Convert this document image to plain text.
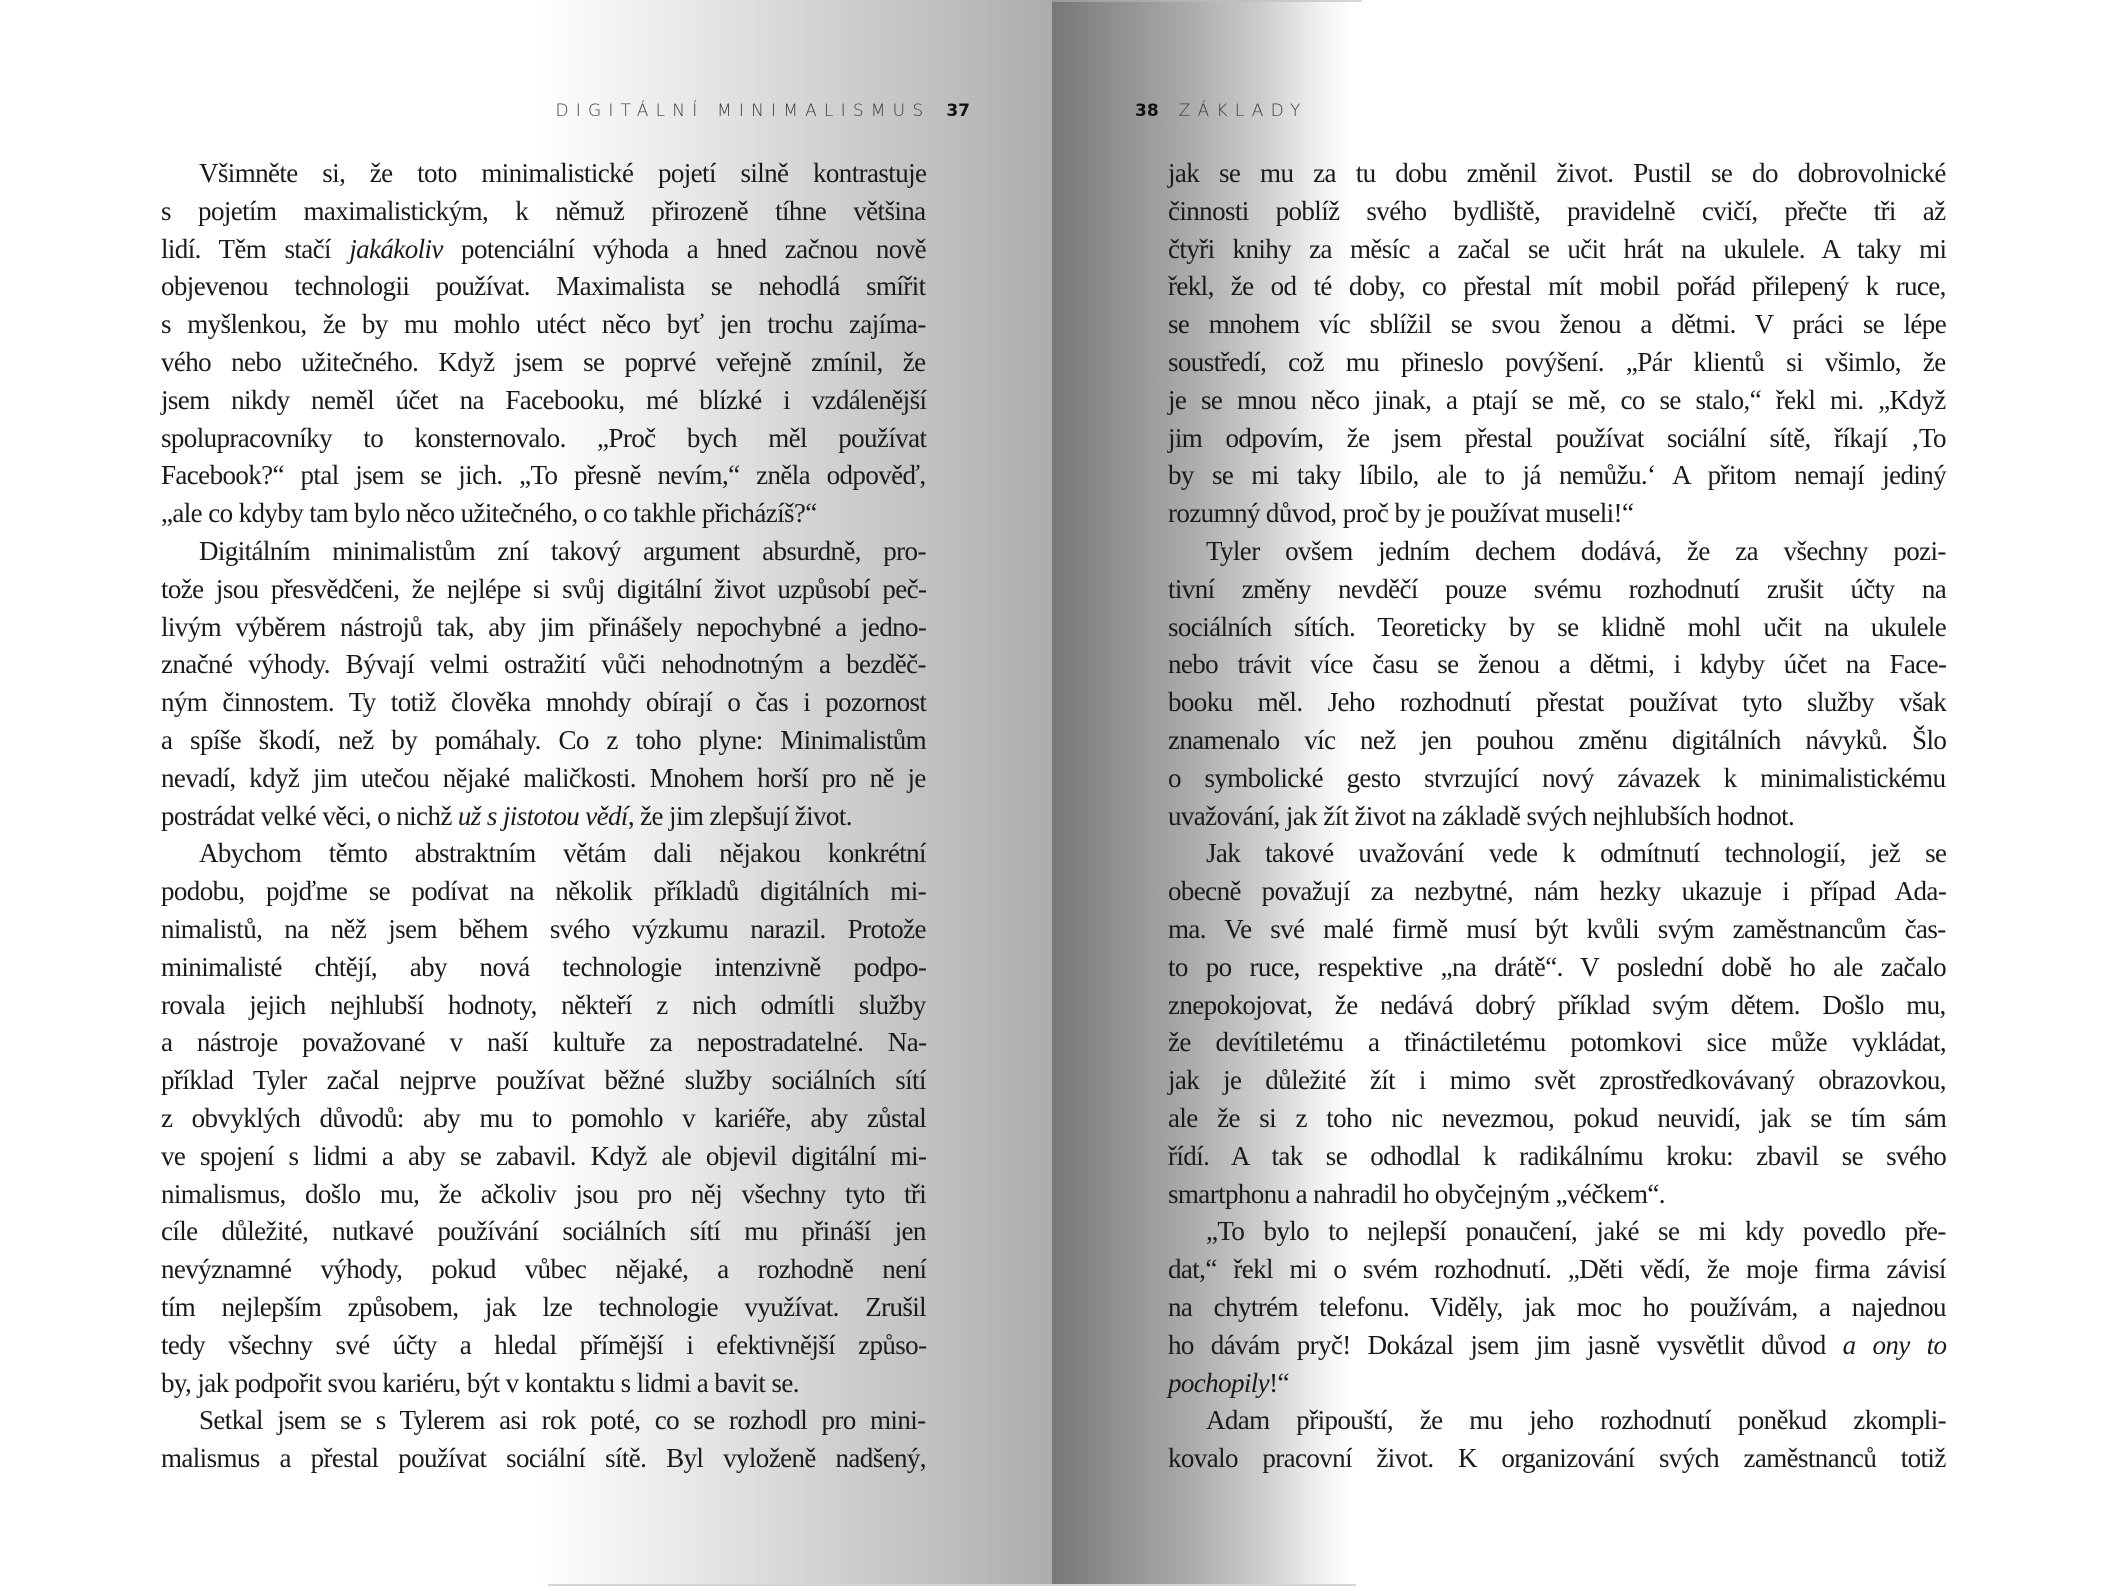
DIGITÁLNÍ MINIMALISMUS 37	38 ZÁKLADY
Všimněte si, že toto minimalistické pojetí silně kontrastuje
s pojetím maximalistickým, k němuž přirozeně tíhne většina
lidí. Těm stačí jakákoliv potenciální výhoda a hned začnou nově
objevenou technologii používat. Maximalista se nehodlá smířit
s myšlenkou, že by mu mohlo utéct něco byť jen trochu zajíma-
vého nebo užitečného. Když jsem se poprvé veřejně zmínil, že
jsem nikdy neměl účet na Facebooku, mé blízké i vzdálenější
spolupracovníky to konsternovalo. „Proč bych měl používat
Facebook?“ ptal jsem se jich. „To přesně nevím,“ zněla odpověď,
„ale co kdyby tam bylo něco užitečného, o co takhle přicházíš?“
Digitálním minimalistům zní takový argument absurdně, pro-
tože jsou přesvědčeni, že nejlépe si svůj digitální život uzpůsobí peč-
livým výběrem nástrojů tak, aby jim přinášely nepochybné a jedno-
značné výhody. Bývají velmi ostražití vůči nehodnotným a bezděč-
ným činnostem. Ty totiž člověka mnohdy obírají o čas i pozornost
a spíše škodí, než by pomáhaly. Co z toho plyne: Minimalistům
nevadí, když jim utečou nějaké maličkosti. Mnohem horší pro ně je
postrádat velké věci, o nichž už s jistotou vědí, že jim zlepšují život.
Abychom těmto abstraktním větám dali nějakou konkrétní
podobu, pojďme se podívat na několik příkladů digitálních mi-
nimalistů, na něž jsem během svého výzkumu narazil. Protože
minimalisté chtějí, aby nová technologie intenzivně podpo-
rovala jejich nejhlubší hodnoty, někteří z nich odmítli služby
a nástroje považované v naší kultuře za nepostradatelné. Na-
příklad Tyler začal nejprve používat běžné služby sociálních sítí
z obvyklých důvodů: aby mu to pomohlo v kariéře, aby zůstal
ve spojení s lidmi a aby se zabavil. Když ale objevil digitální mi-
nimalismus, došlo mu, že ačkoliv jsou pro něj všechny tyto tři
cíle důležité, nutkavé používání sociálních sítí mu přináší jen
nevýznamné výhody, pokud vůbec nějaké, a rozhodně není
tím nejlepším způsobem, jak lze technologie využívat. Zrušil
tedy všechny své účty a hledal přímější i efektivnější způso-
by, jak podpořit svou kariéru, být v kontaktu s lidmi a bavit se.
Setkal jsem se s Tylerem asi rok poté, co se rozhodl pro mini-
malismus a přestal používat sociální sítě. Byl vyloženě nadšený,
jak se mu za tu dobu změnil život. Pustil se do dobrovolnické
činnosti poblíž svého bydliště, pravidelně cvičí, přečte tři až
čtyři knihy za měsíc a začal se učit hrát na ukulele. A taky mi
řekl, že od té doby, co přestal mít mobil pořád přilepený k ruce,
se mnohem víc sblížil se svou ženou a dětmi. V práci se lépe
soustředí, což mu přineslo povýšení. „Pár klientů si všimlo, že
je se mnou něco jinak, a ptají se mě, co se stalo,“ řekl mi. „Když
jim odpovím, že jsem přestal používat sociální sítě, říkají ‚To
by se mi taky líbilo, ale to já nemůžu.‘ A přitom nemají jediný
rozumný důvod, proč by je používat museli!“
Tyler ovšem jedním dechem dodává, že za všechny pozi-
tivní změny nevděčí pouze svému rozhodnutí zrušit účty na
sociálních sítích. Teoreticky by se klidně mohl učit na ukulele
nebo trávit více času se ženou a dětmi, i kdyby účet na Face-
booku měl. Jeho rozhodnutí přestat používat tyto služby však
znamenalo víc než jen pouhou změnu digitálních návyků. Šlo
o symbolické gesto stvrzující nový závazek k minimalistickému
uvažování, jak žít život na základě svých nejhlubších hodnot.
Jak takové uvažování vede k odmítnutí technologií, jež se
obecně považují za nezbytné, nám hezky ukazuje i případ Ada-
ma. Ve své malé firmě musí být kvůli svým zaměstnancům čas-
to po ruce, respektive „na drátě“. V poslední době ho ale začalo
znepokojovat, že nedává dobrý příklad svým dětem. Došlo mu,
že devítiletému a třináctiletému potomkovi sice může vykládat,
jak je důležité žít i mimo svět zprostředkovávaný obrazovkou,
ale že si z toho nic nevezmou, pokud neuvidí, jak se tím sám
řídí. A tak se odhodlal k radikálnímu kroku: zbavil se svého
smartphonu a nahradil ho obyčejným „véčkem“.
„To bylo to nejlepší ponaučení, jaké se mi kdy povedlo pře-
dat,“ řekl mi o svém rozhodnutí. „Děti vědí, že moje firma závisí
na chytrém telefonu. Viděly, jak moc ho používám, a najednou
ho dávám pryč! Dokázal jsem jim jasně vysvětlit důvod a ony to
pochopily!“
Adam připouští, že mu jeho rozhodnutí poněkud zkompli-
kovalo pracovní život. K organizování svých zaměstnanců totiž
